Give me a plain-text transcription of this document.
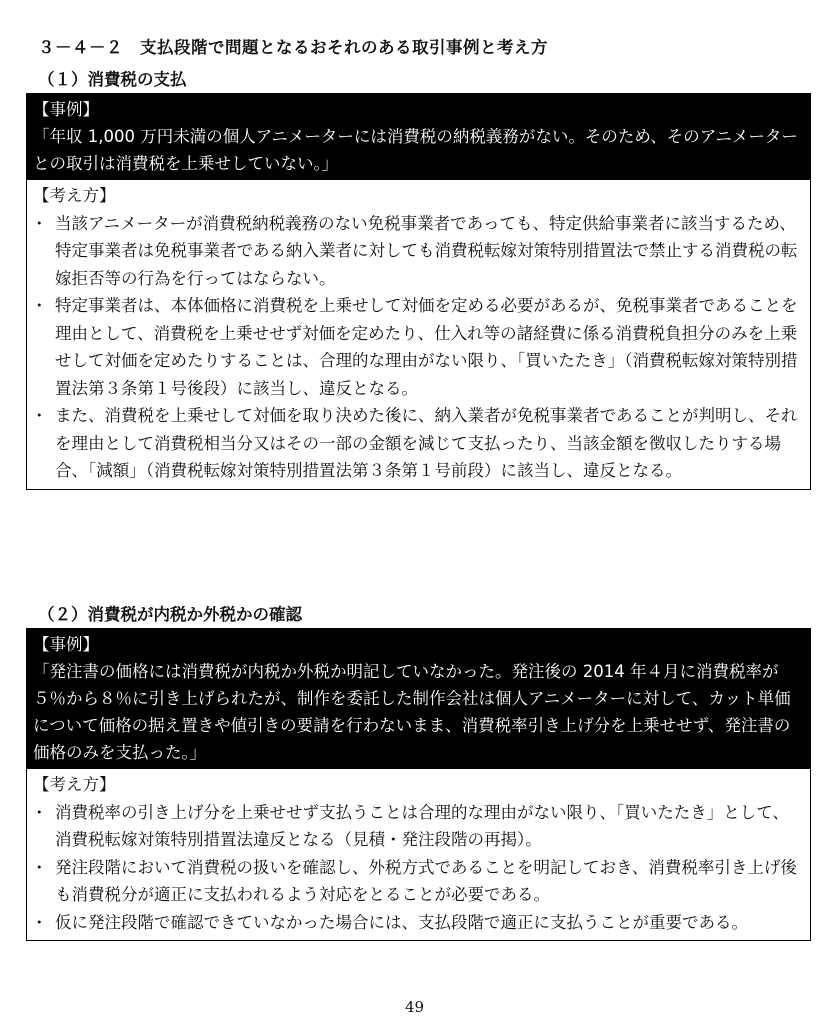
３－４－２　支払段階で問題となるおそれのある取引事例と考え方
（１）消費税の支払

【事例】

「年収 1,000 万円未満の個人アニメーターには消費税の納税義務がない。そのため、そのアニメーターとの取引は消費税を上乗せしていない。」

【考え方】

・ 当該アニメーターが消費税納税義務のない免税事業者であっても、特定供給事業者に該当するため、特定事業者は免税事業者である納入業者に対しても消費税転嫁対策特別措置法で禁止する消費税の転嫁拒否等の行為を行ってはならない。
・ 特定事業者は、本体価格に消費税を上乗せして対価を定める必要があるが、免税事業者であることを理由として、消費税を上乗せせず対価を定めたり、仕入れ等の諸経費に係る消費税負担分のみを上乗せして対価を定めたりすることは、合理的な理由がない限り、「買いたたき」（消費税転嫁対策特別措置法第３条第１号後段）に該当し、違反となる。
・ また、消費税を上乗せして対価を取り決めた後に、納入業者が免税事業者であることが判明し、それを理由として消費税相当分又はその一部の金額を減じて支払ったり、当該金額を徴収したりする場合、「減額」（消費税転嫁対策特別措置法第３条第１号前段）に該当し、違反となる。
（２）消費税が内税か外税かの確認

【事例】

「発注書の価格には消費税が内税か外税か明記していなかった。発注後の 2014 年４月に消費税率が５％から８％に引き上げられたが、制作を委託した制作会社は個人アニメーターに対して、カット単価について価格の据え置きや値引きの要請を行わないまま、消費税率引き上げ分を上乗せせず、発注書の価格のみを支払った。」

【考え方】

・ 消費税率の引き上げ分を上乗せせず支払うことは合理的な理由がない限り、「買いたたき」として、消費税転嫁対策特別措置法違反となる（見積・発注段階の再掲）。
・ 発注段階において消費税の扱いを確認し、外税方式であることを明記しておき、消費税率引き上げ後も消費税分が適正に支払われるよう対応をとることが必要である。
・ 仮に発注段階で確認できていなかった場合には、支払段階で適正に支払うことが重要である。
49
